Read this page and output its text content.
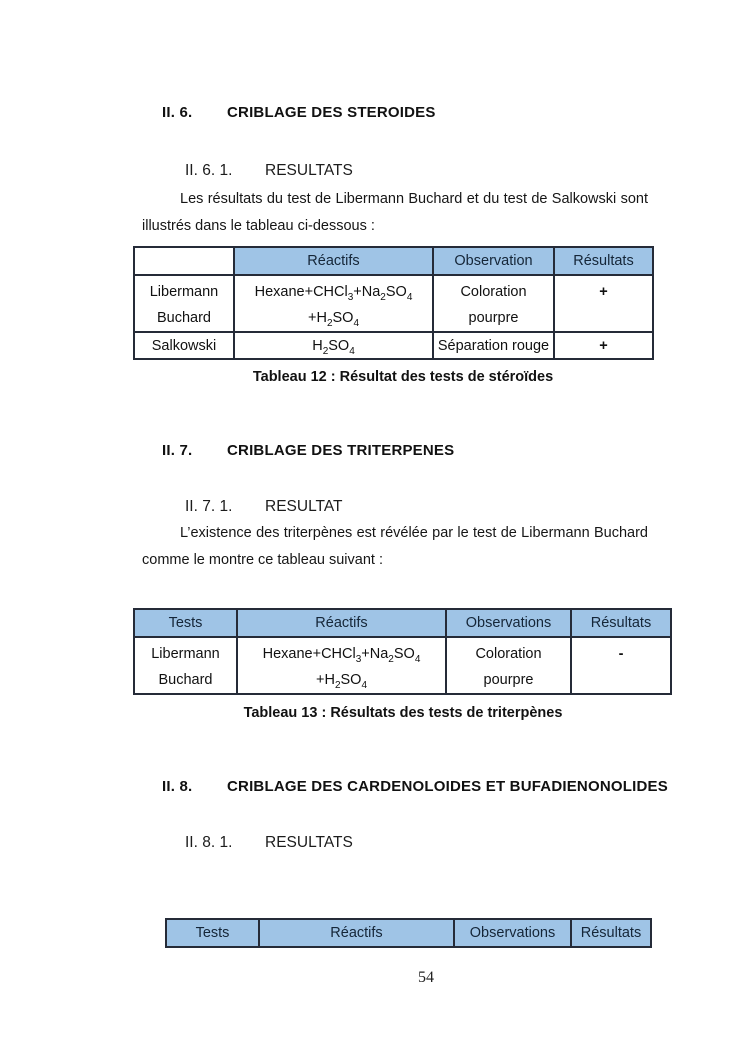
II. 6. CRIBLAGE DES STEROIDES
II. 6. 1. RESULTATS
Les résultats du test de Libermann Buchard et du test de Salkowski sont illustrés dans le tableau ci-dessous :
	Réactifs	Observation	Résultats
Libermann Buchard	$Hexane+CHCl_3+Na_2SO_4 +H_2SO_4$	Coloration pourpre	+
Salkowski	$H_2SO_4$	Séparation rouge	+
Tableau 12 : Résultat des tests de stéroïdes
II. 7. CRIBLAGE DES TRITERPENES
II. 7. 1. RESULTAT
L’existence des triterpènes est révélée par le test de Libermann Buchard comme le montre ce tableau suivant :
Tests	Réactifs	Observations	Résultats
Libermann Buchard	$Hexane+CHCl_3+Na_2SO_4 +H_2SO_4$	Coloration pourpre	-
Tableau 13 : Résultats des tests de triterpènes
II. 8. CRIBLAGE DES CARDENOLOIDES ET BUFADIENONOLIDES
II. 8. 1. RESULTATS
Tests	Réactifs	Observations	Résultats
54
